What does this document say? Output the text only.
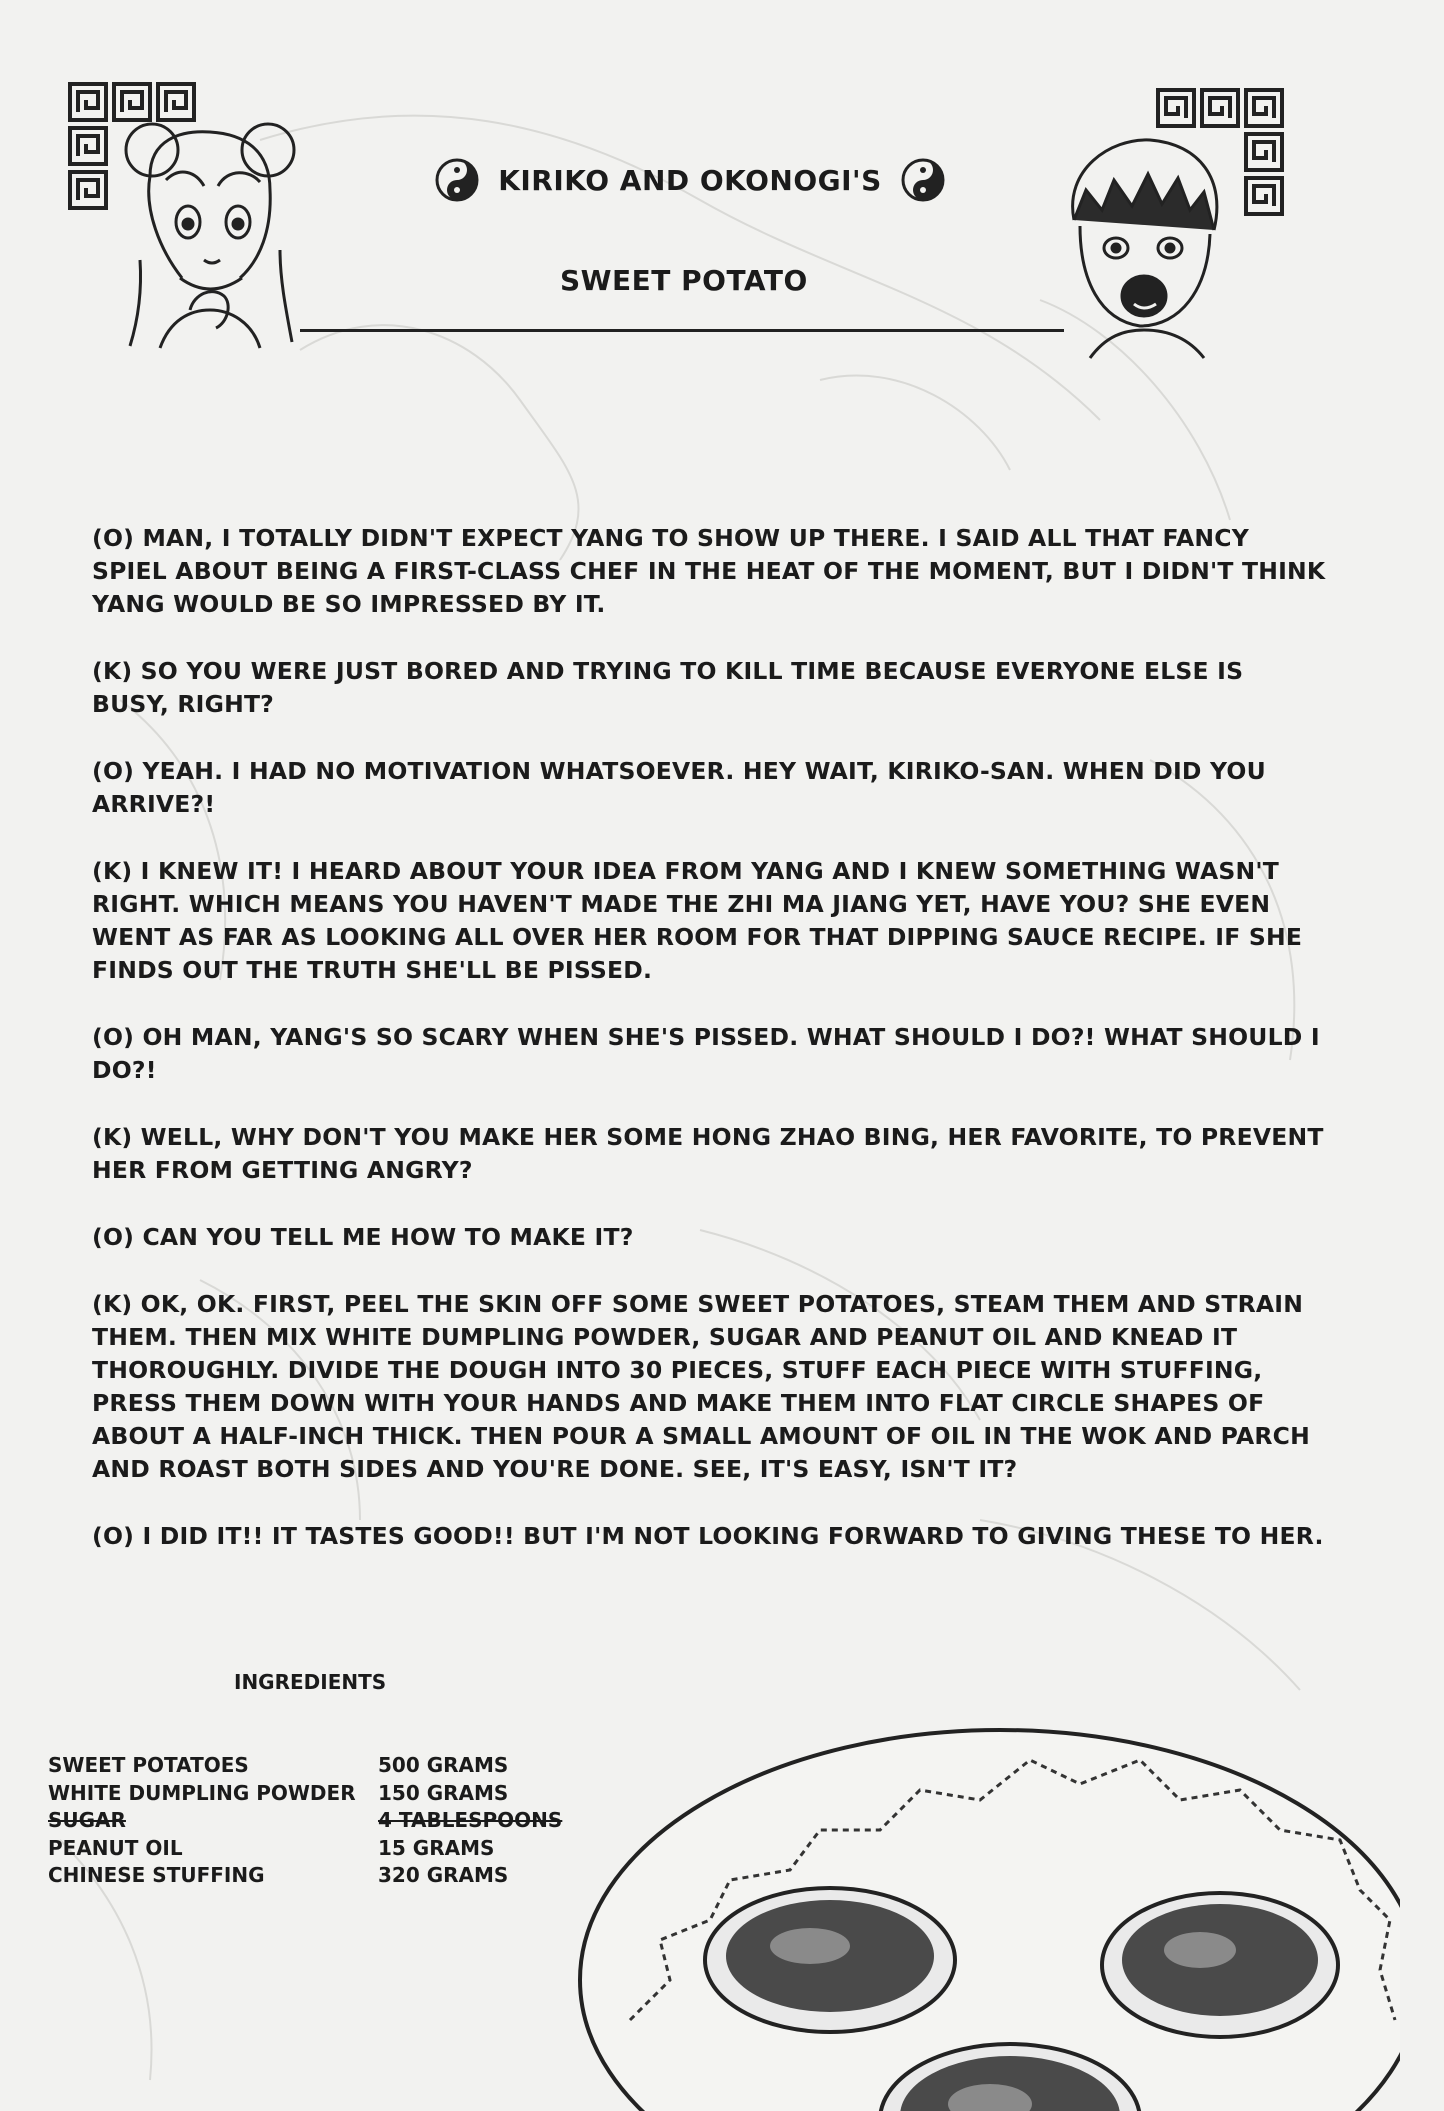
KIRIKO AND OKONOGI'S
SWEET POTATO

(O) MAN, I TOTALLY DIDN'T EXPECT YANG TO SHOW UP THERE. I SAID ALL THAT FANCY SPIEL ABOUT BEING A FIRST-CLASS CHEF IN THE HEAT OF THE MOMENT, BUT I DIDN'T THINK YANG WOULD BE SO IMPRESSED BY IT.

(K) SO YOU WERE JUST BORED AND TRYING TO KILL TIME BECAUSE EVERYONE ELSE IS BUSY, RIGHT?

(O) YEAH. I HAD NO MOTIVATION WHATSOEVER. HEY WAIT, KIRIKO-SAN. WHEN DID YOU ARRIVE?!

(K) I KNEW IT! I HEARD ABOUT YOUR IDEA FROM YANG AND I KNEW SOMETHING WASN'T RIGHT. WHICH MEANS YOU HAVEN'T MADE THE ZHI MA JIANG YET, HAVE YOU? SHE EVEN WENT AS FAR AS LOOKING ALL OVER HER ROOM FOR THAT DIPPING SAUCE RECIPE. IF SHE FINDS OUT THE TRUTH SHE'LL BE PISSED.

(O) OH MAN, YANG'S SO SCARY WHEN SHE'S PISSED. WHAT SHOULD I DO?! WHAT SHOULD I DO?!

(K) WELL, WHY DON'T YOU MAKE HER SOME HONG ZHAO BING, HER FAVORITE, TO PREVENT HER FROM GETTING ANGRY?

(O) CAN YOU TELL ME HOW TO MAKE IT?

(K) OK, OK. FIRST, PEEL THE SKIN OFF SOME SWEET POTATOES, STEAM THEM AND STRAIN THEM. THEN MIX WHITE DUMPLING POWDER, SUGAR AND PEANUT OIL AND KNEAD IT THOROUGHLY. DIVIDE THE DOUGH INTO 30 PIECES, STUFF EACH PIECE WITH STUFFING, PRESS THEM DOWN WITH YOUR HANDS AND MAKE THEM INTO FLAT CIRCLE SHAPES OF ABOUT A HALF-INCH THICK. THEN POUR A SMALL AMOUNT OF OIL IN THE WOK AND PARCH AND ROAST BOTH SIDES AND YOU'RE DONE. SEE, IT'S EASY, ISN'T IT?

(O) I DID IT!! IT TASTES GOOD!! BUT I'M NOT LOOKING FORWARD TO GIVING THESE TO HER.

INGREDIENTS
SWEET POTATOES	500 GRAMS
WHITE DUMPLING POWDER	150 GRAMS
SUGAR	4 TABLESPOONS
PEANUT OIL	15 GRAMS
CHINESE STUFFING	320 GRAMS
